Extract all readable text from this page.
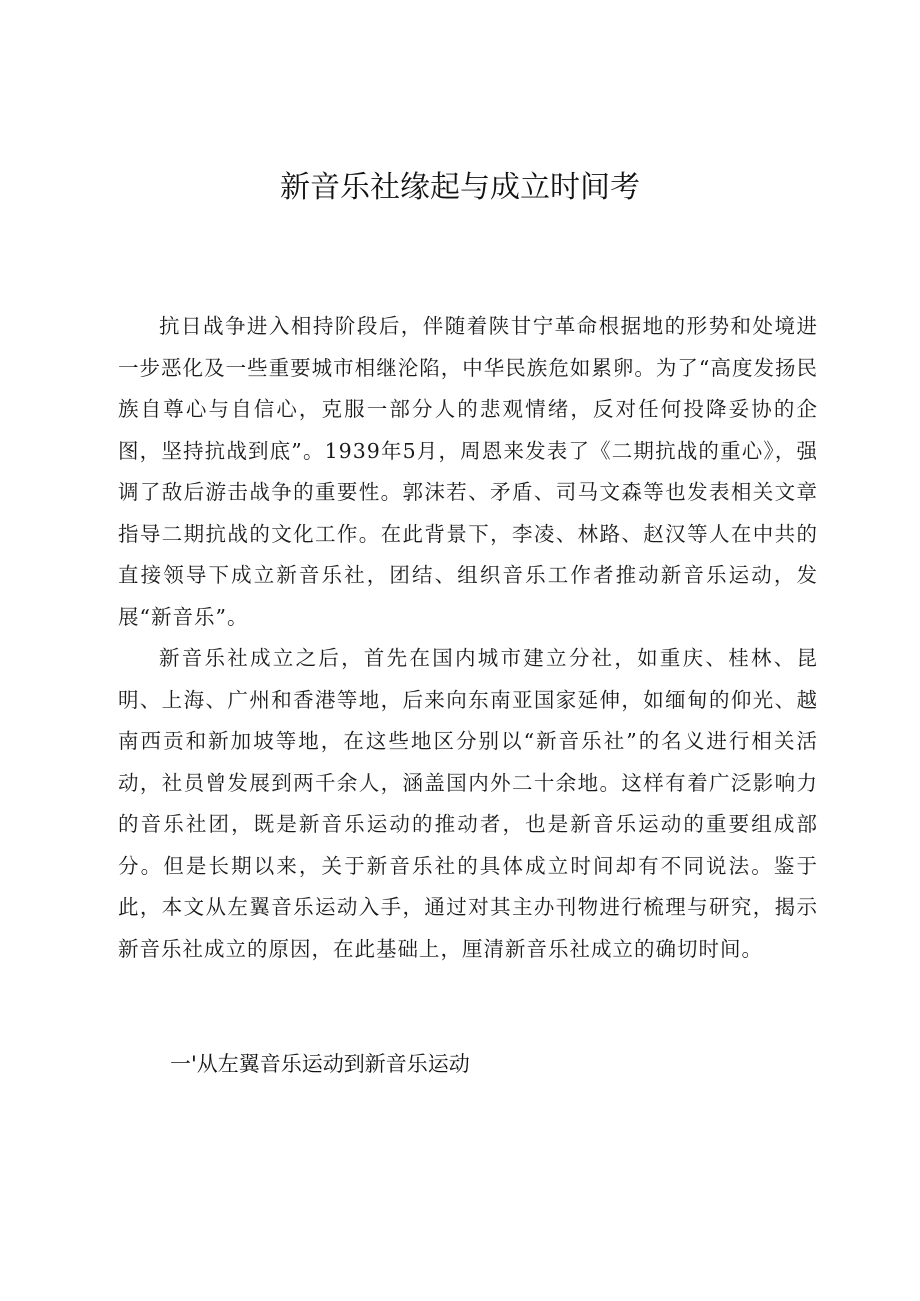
新音乐社缘起与成立时间考

抗日战争进入相持阶段后，伴随着陕甘宁革命根据地的形势和处境进一步恶化及一些重要城市相继沦陷，中华民族危如累卵。为了“高度发扬民族自尊心与自信心，克服一部分人的悲观情绪，反对任何投降妥协的企图，坚持抗战到底”。1939年5月，周恩来发表了《二期抗战的重心》，强调了敌后游击战争的重要性。郭沫若、矛盾、司马文森等也发表相关文章指导二期抗战的文化工作。在此背景下，李凌、林路、赵汉等人在中共的直接领导下成立新音乐社，团结、组织音乐工作者推动新音乐运动，发展“新音乐”。

新音乐社成立之后，首先在国内城市建立分社，如重庆、桂林、昆明、上海、广州和香港等地，后来向东南亚国家延伸，如缅甸的仰光、越南西贡和新加坡等地，在这些地区分别以“新音乐社”的名义进行相关活动，社员曾发展到两千余人，涵盖国内外二十余地。这样有着广泛影响力的音乐社团，既是新音乐运动的推动者，也是新音乐运动的重要组成部分。但是长期以来，关于新音乐社的具体成立时间却有不同说法。鉴于此，本文从左翼音乐运动入手，通过对其主办刊物进行梳理与研究，揭示新音乐社成立的原因，在此基础上，厘清新音乐社成立的确切时间。

一'从左翼音乐运动到新音乐运动
